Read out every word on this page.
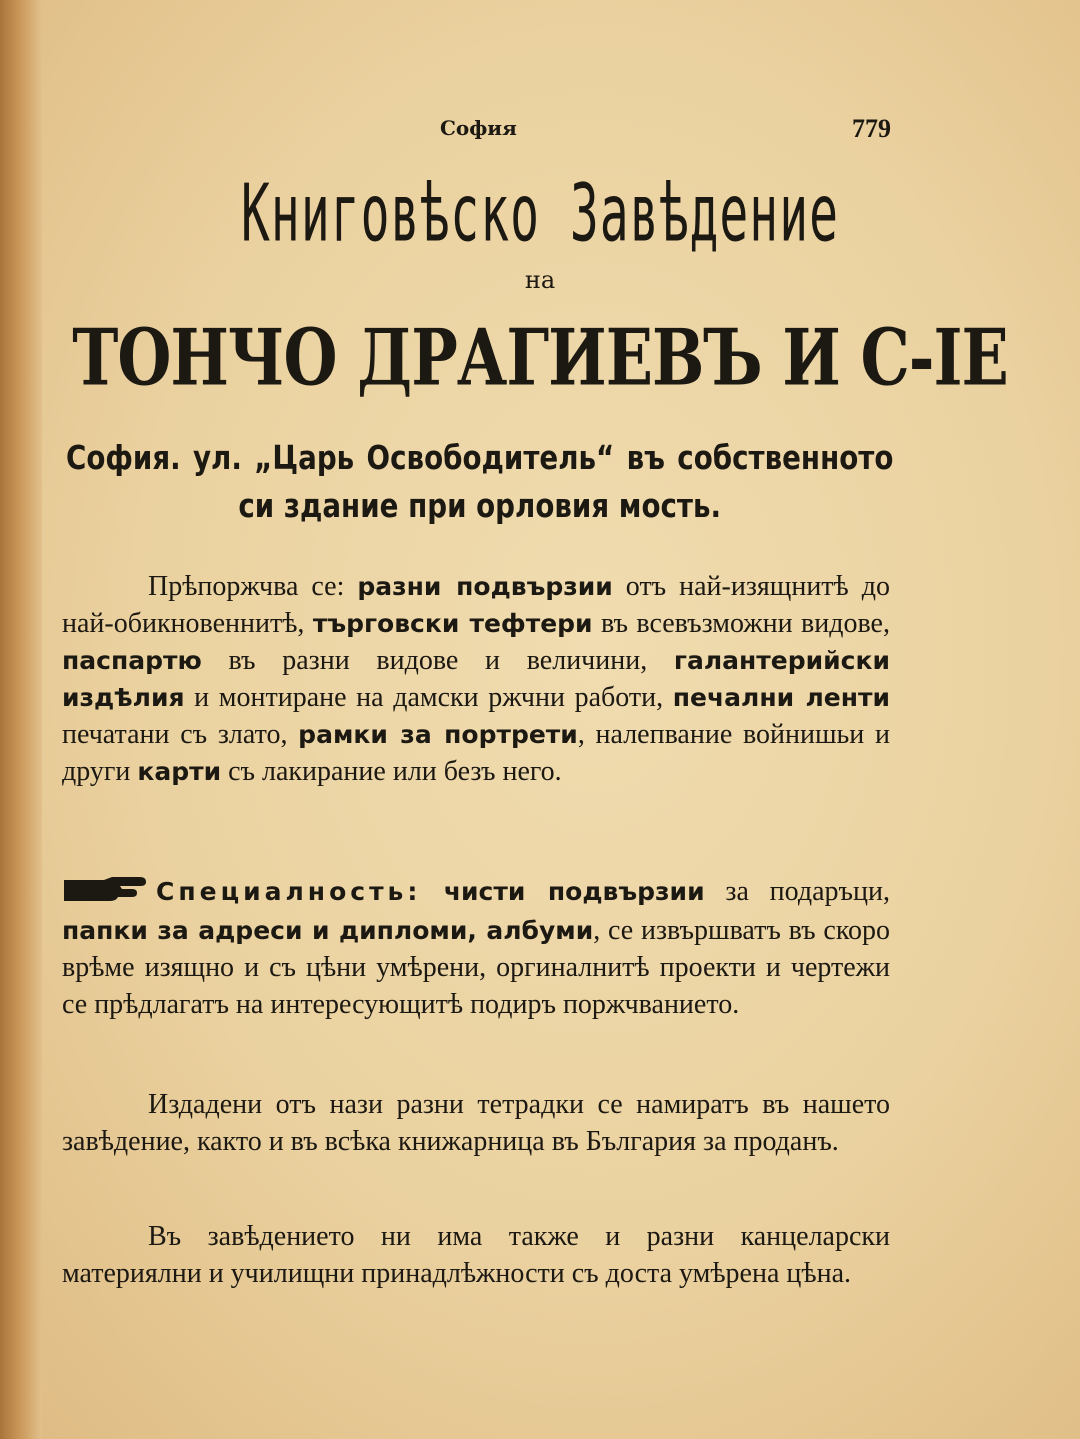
София	779
Книговѣско Завѣдение
на
ТОНЧО ДРАГИЕВЪ И С-IЕ
София. ул. „Царь Освободитель“ въ собственното си здание при орловия мость.

Прѣпоржчва се: разни подвързии отъ най-изящнитѣ до най-обикновеннитѣ, търговски тефтери въ всевъзможни видове, паспартю въ разни видове и величини, галантерийски издѣлия и монтиране на дамски ржчни работи, печални ленти печатани съ злато, рамки за портрети, налепвание войнишьи и други карти съ лакирание или безъ него.

Специалность: чисти подвързии за подаръци, папки за адреси и дипломи, албуми, се извършватъ въ скоро врѣме изящно и съ цѣни умѣрени, оргиналнитѣ проекти и чертежи се прѣдлагатъ на интересующитѣ подиръ поржчванието.

Издадени отъ нази разни тетрадки се намиратъ въ нашето завѣдение, както и въ всѣка книжарница въ България за проданъ.

Въ завѣдението ни има также и разни канцеларски материялни и училищни принадлѣжности съ доста умѣрена цѣна.
